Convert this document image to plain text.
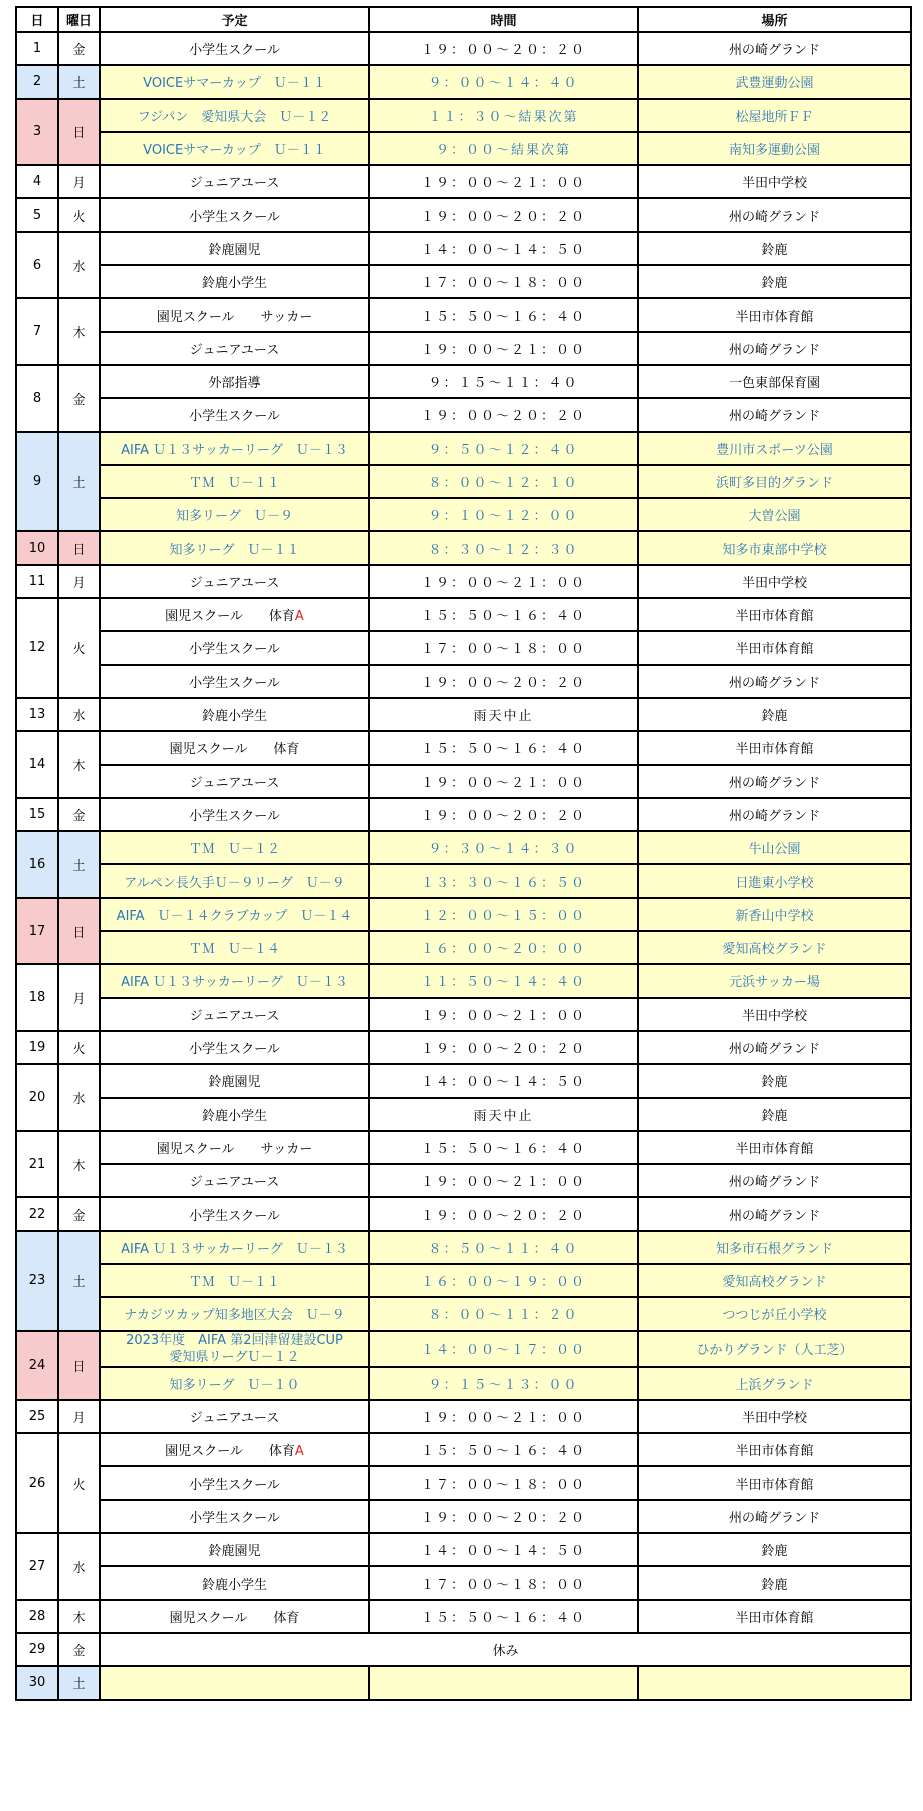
日	曜日	予定	時間	場所
1	金	小学生スクール	１９：００～２０：２０	州の崎グランド
2	土	VOICEサマーカップ　Ｕ－１１	９：００～１４：４０	武豊運動公園
3	日	フジパン　愛知県大会　Ｕ－１２	１１：３０～結果次第	松屋地所ＦＦ
		VOICEサマーカップ　Ｕ－１１	９：００～結果次第	南知多運動公園
4	月	ジュニアユース	１９：００～２１：００	半田中学校
5	火	小学生スクール	１９：００～２０：２０	州の崎グランド
6	水	鈴鹿園児	１４：００～１４：５０	鈴鹿
		鈴鹿小学生	１７：００～１８：００	鈴鹿
7	木	園児スクール　　サッカー	１５：５０～１６：４０	半田市体育館
		ジュニアユース	１９：００～２１：００	州の崎グランド
8	金	外部指導	９：１５～１１：４０	一色東部保育園
		小学生スクール	１９：００～２０：２０	州の崎グランド
9	土	AIFA Ｕ１３サッカーリーグ　Ｕ－１３	９：５０～１２：４０	豊川市スポーツ公園
		ＴＭ　Ｕ－１１	８：００～１２：１０	浜町多目的グランド
		知多リーグ　Ｕ－９	９：１０～１２：００	大曽公園
10	日	知多リーグ　Ｕ－１１	８：３０～１２：３０	知多市東部中学校
11	月	ジュニアユース	１９：００～２１：００	半田中学校
12	火	園児スクール　　体育A	１５：５０～１６：４０	半田市体育館
		小学生スクール	１７：００～１８：００	半田市体育館
		小学生スクール	１９：００～２０：２０	州の崎グランド
13	水	鈴鹿小学生	雨天中止	鈴鹿
14	木	園児スクール　　体育	１５：５０～１６：４０	半田市体育館
		ジュニアユース	１９：００～２１：００	州の崎グランド
15	金	小学生スクール	１９：００～２０：２０	州の崎グランド
16	土	ＴＭ　Ｕ－１２	９：３０～１４：３０	牛山公園
		アルペン長久手Ｕ－９リーグ　Ｕ－９	１３：３０～１６：５０	日進東小学校
17	日	AIFA　Ｕ－１４クラブカップ　Ｕ－１４	１２：００～１５：００	新香山中学校
		ＴＭ　Ｕ－１４	１６：００～２０：００	愛知高校グランド
18	月	AIFA Ｕ１３サッカーリーグ　Ｕ－１３	１１：５０～１４：４０	元浜サッカー場
		ジュニアユース	１９：００～２１：００	半田中学校
19	火	小学生スクール	１９：００～２０：２０	州の崎グランド
20	水	鈴鹿園児	１４：００～１４：５０	鈴鹿
		鈴鹿小学生	雨天中止	鈴鹿
21	木	園児スクール　　サッカー	１５：５０～１６：４０	半田市体育館
		ジュニアユース	１９：００～２１：００	州の崎グランド
22	金	小学生スクール	１９：００～２０：２０	州の崎グランド
23	土	AIFA Ｕ１３サッカーリーグ　Ｕ－１３	８：５０～１１：４０	知多市石根グランド
		ＴＭ　Ｕ－１１	１６：００～１９：００	愛知高校グランド
		ナカジツカップ知多地区大会　Ｕ－９	８：００～１１：２０	つつじが丘小学校
24	日	2023年度　AIFA 第2回津留建設CUP
愛知県リーグＵ－１２	１４：００～１７：００	ひかりグランド（人工芝）
		知多リーグ　Ｕ－１０	９：１５～１３：００	上浜グランド
25	月	ジュニアユース	１９：００～２１：００	半田中学校
26	火	園児スクール　　体育A	１５：５０～１６：４０	半田市体育館
		小学生スクール	１７：００～１８：００	半田市体育館
		小学生スクール	１９：００～２０：２０	州の崎グランド
27	水	鈴鹿園児	１４：００～１４：５０	鈴鹿
		鈴鹿小学生	１７：００～１８：００	鈴鹿
28	木	園児スクール　　体育	１５：５０～１６：４０	半田市体育館
29	金	休み		
30	土			
